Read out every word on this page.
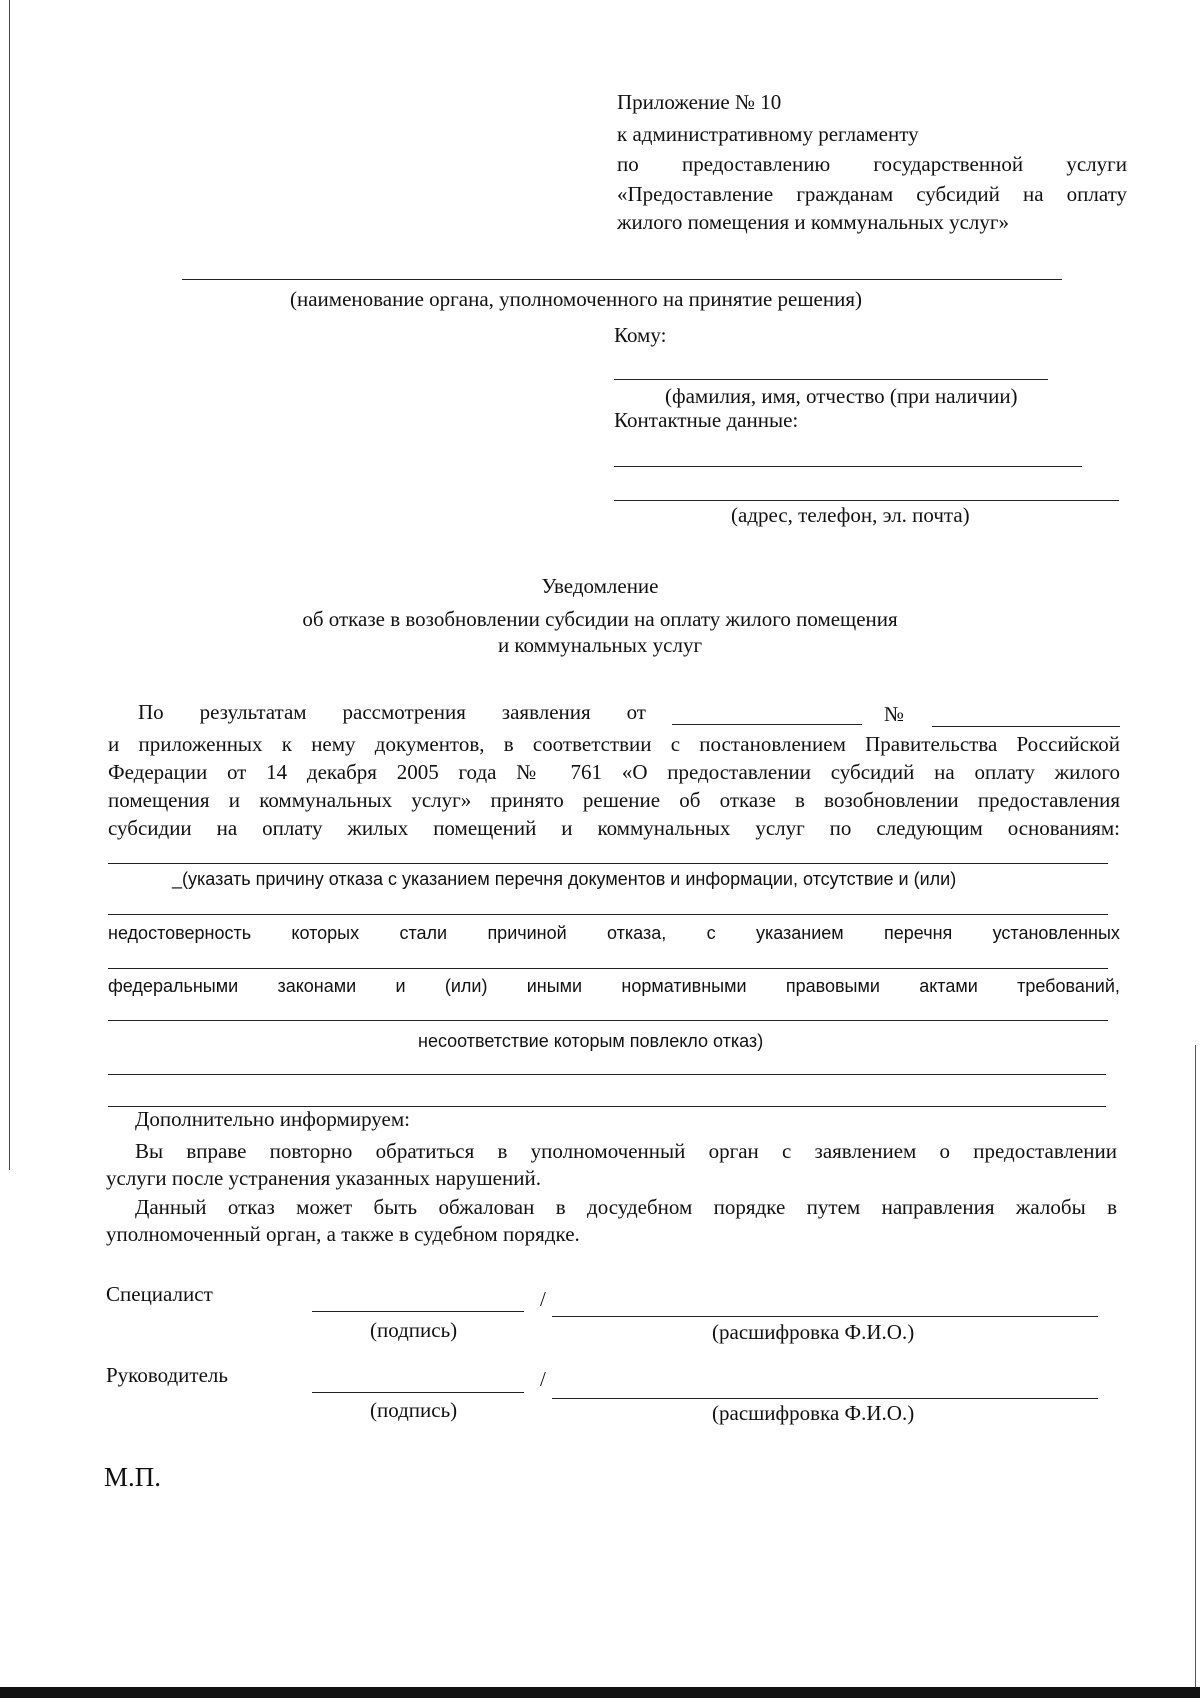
Приложение № 10
к административному регламенту
по предоставлению государственной услуги
«Предоставление гражданам субсидий на оплату
жилого помещения и коммунальных услуг»
(наименование органа, уполномоченного на принятие решения)
Кому:
(фамилия, имя, отчество (при наличии)
Контактные данные:
(адрес, телефон, эл. почта)
Уведомление
об отказе в возобновлении субсидии на оплату жилого помещения
и коммунальных услуг
По результатам рассмотрения заявления от	№
и приложенных к нему документов, в соответствии с постановлением Правительства Российской
Федерации от 14 декабря 2005 года № 761 «О предоставлении субсидий на оплату жилого
помещения и коммунальных услуг» принято решение об отказе в возобновлении предоставления
субсидии на оплату жилых помещений и коммунальных услуг по следующим основаниям:
_(указать причину отказа с указанием перечня документов и информации, отсутствие и (или)
недостоверность которых стали причиной отказа, с указанием перечня установленных
федеральными законами и (или) иными нормативными правовыми актами требований,
несоответствие которым повлекло отказ)
Дополнительно информируем:
Вы вправе повторно обратиться в уполномоченный орган с заявлением о предоставлении
услуги после устранения указанных нарушений.
Данный отказ может быть обжалован в досудебном порядке путем направления жалобы в
уполномоченный орган, а также в судебном порядке.
Специалист	/
(подпись)	(расшифровка Ф.И.О.)
Руководитель	/
(подпись)	(расшифровка Ф.И.О.)
М.П.
